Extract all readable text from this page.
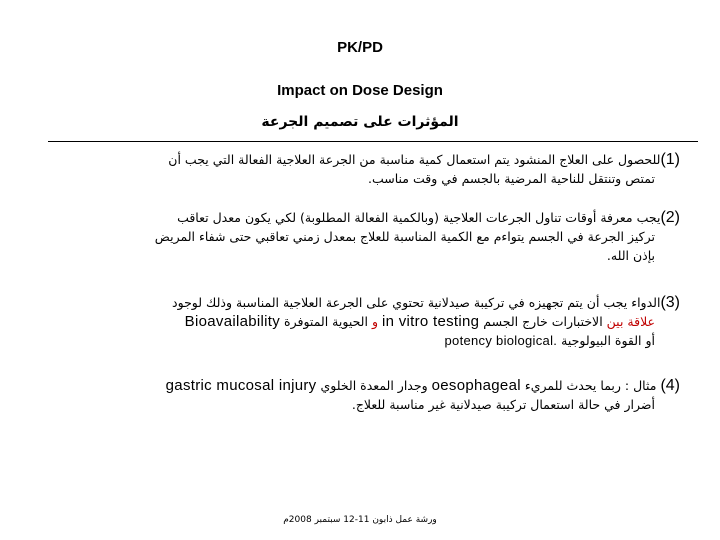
PK/PD
Impact on Dose Design
المؤثرات على تصميم الجرعة
(1)للحصول على العلاج المنشود يتم استعمال كمية مناسبة من الجرعة العلاجية الفعالة التي يجب أن
  تمتص وتنتقل للناحية المرضية بالجسم في وقت مناسب.
(2)يجب معرفة أوقات تناول الجرعات العلاجية (وبالكمية الفعالة المطلوبة) لكي يكون معدل تعاقب
  تركيز الجرعة في الجسم يتواءم مع الكمية المناسبة للعلاج بمعدل زمني تعاقبي حتى شفاء المريض
  بإذن الله.
(3)الدواء يجب أن يتم تجهيزه في تركيبة صيدلانية تحتوي على الجرعة العلاجية المناسبة وذلك لوجود
  علاقة بين الاختبارات خارج الجسم in vitro testing و الحيوية المتوفرة Bioavailability
  أو القوة البيولوجية potency biological.
(4) مثال : ربما يحدث للمريء oesophageal وجدار المعدة الخلوي gastric mucosal injury
  أضرار في حالة استعمال تركيبة صيدلانية غير مناسبة للعلاج.
ورشة عمل ذابون 11-12 سبتمبر 2008م
